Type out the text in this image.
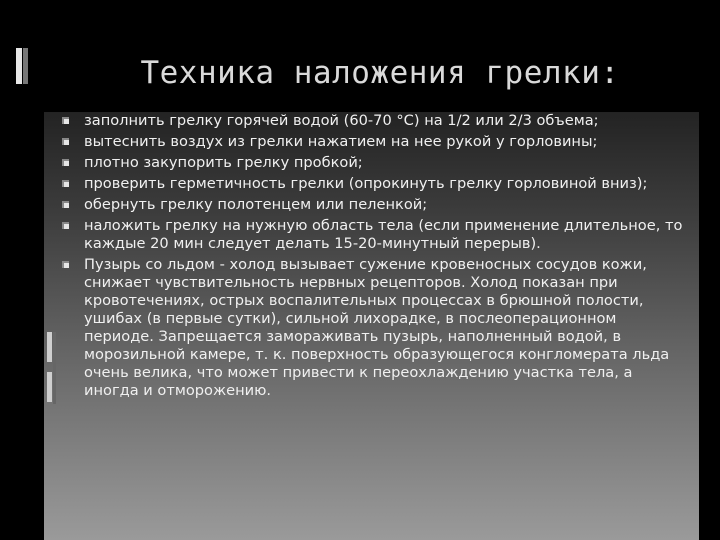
Техника наложения грелки:
заполнить грелку горячей водой (60-70 °С) на 1/2 или 2/3 объема;
вытеснить воздух из грелки нажатием на нее рукой у горловины;
плотно закупорить грелку пробкой;
проверить герметичность грелки (опрокинуть грелку горловиной вниз);
обернуть грелку полотенцем или пеленкой;
наложить грелку на нужную область тела (если применение длительное, то каждые 20 мин следует делать 15-20-минутный перерыв).
Пузырь со льдом - холод вызывает сужение кровеносных сосудов кожи, снижает чувствительность нервных рецепторов. Холод показан при кровотечениях, острых воспалительных процессах в брюшной полости, ушибах (в первые сутки), сильной лихорадке, в послеоперационном периоде. Запрещается замораживать пузырь, наполненный водой, в морозильной камере, т. к. поверхность образующегося конгломерата льда очень велика, что может привести к переохлаждению участка тела, а иногда и отморожению.
